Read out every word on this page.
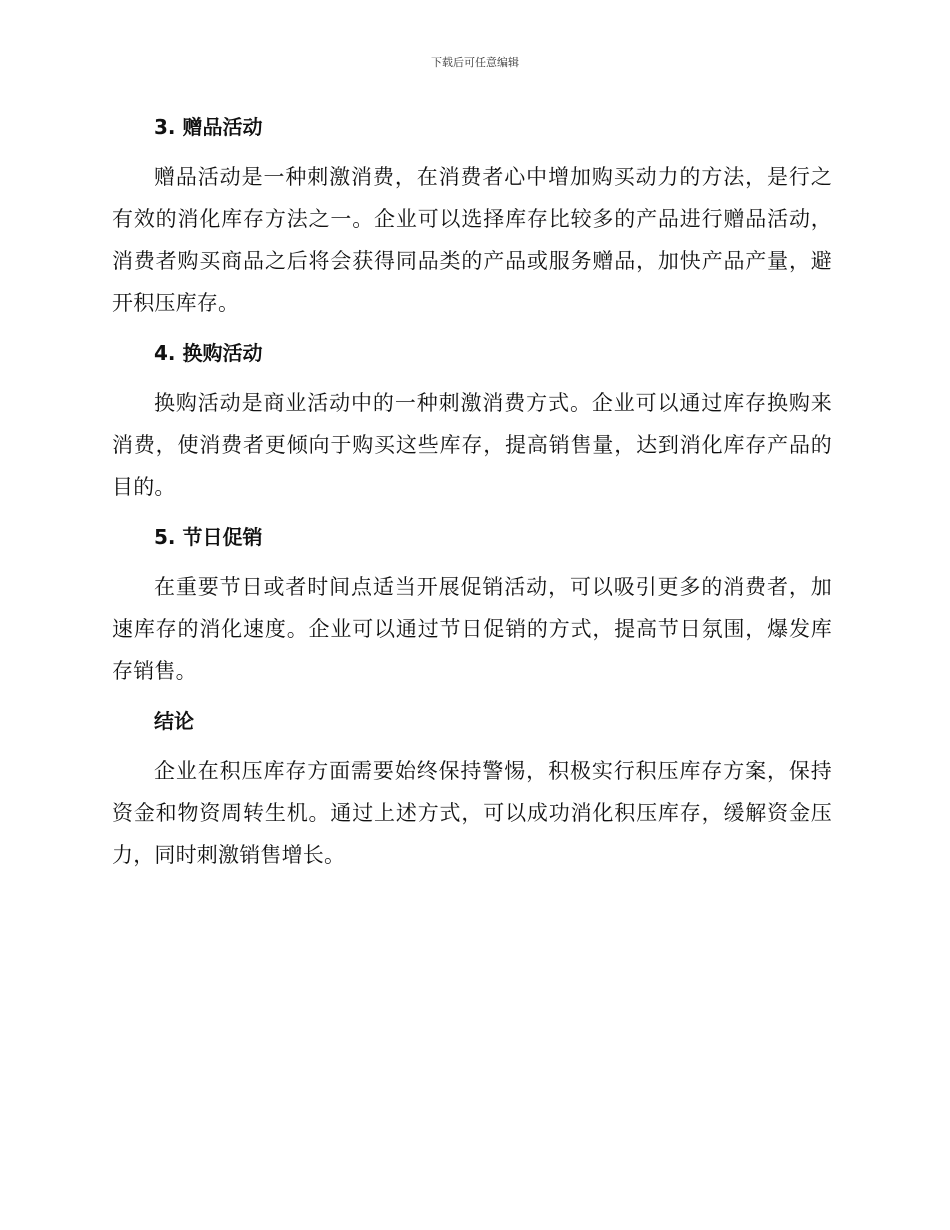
下载后可任意编辑
3. 赠品活动

赠品活动是一种刺激消费，在消费者心中增加购买动力的方法，是行之有效的消化库存方法之一。企业可以选择库存比较多的产品进行赠品活动，消费者购买商品之后将会获得同品类的产品或服务赠品，加快产品产量，避开积压库存。

4. 换购活动

换购活动是商业活动中的一种刺激消费方式。企业可以通过库存换购来消费，使消费者更倾向于购买这些库存，提高销售量，达到消化库存产品的目的。

5. 节日促销

在重要节日或者时间点适当开展促销活动，可以吸引更多的消费者，加速库存的消化速度。企业可以通过节日促销的方式，提高节日氛围，爆发库存销售。

结论

企业在积压库存方面需要始终保持警惕，积极实行积压库存方案，保持资金和物资周转生机。通过上述方式，可以成功消化积压库存，缓解资金压力，同时刺激销售增长。
